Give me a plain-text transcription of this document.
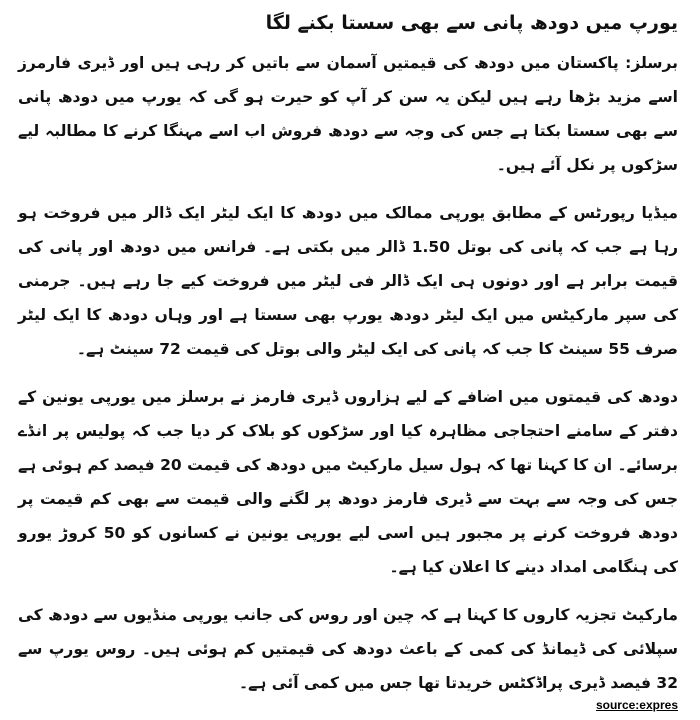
یورپ میں دودھ پانی سے بھی سستا بکنے لگا

برسلز: پاکستان میں دودھ کی قیمتیں آسمان سے باتیں کر رہی ہیں اور ڈیری فارمرز اسے مزید بڑھا رہے ہیں لیکن یہ سن کر آپ کو حیرت ہو گی کہ یورپ میں دودھ پانی سے بھی سستا بکتا ہے جس کی وجہ سے دودھ فروش اب اسے مہنگا کرنے کا مطالبہ لیے سڑکوں پر نکل آئے ہیں۔

میڈیا رپورٹس کے مطابق یورپی ممالک میں دودھ کا ایک لیٹر ایک ڈالر میں فروخت ہو رہا ہے جب کہ پانی کی بوتل 1.50 ڈالر میں بکتی ہے۔ فرانس میں دودھ اور پانی کی قیمت برابر ہے اور دونوں ہی ایک ڈالر فی لیٹر میں فروخت کیے جا رہے ہیں۔ جرمنی کی سپر مارکیٹس میں ایک لیٹر دودھ یورپ بھی سستا ہے اور وہاں دودھ کا ایک لیٹر صرف 55 سینٹ کا جب کہ پانی کی ایک لیٹر والی بوتل کی قیمت 72 سینٹ ہے۔

دودھ کی قیمتوں میں اضافے کے لیے ہزاروں ڈیری فارمز نے برسلز میں یورپی یونین کے دفتر کے سامنے احتجاجی مظاہرہ کیا اور سڑکوں کو بلاک کر دیا جب کہ پولیس پر انڈے برسائے۔ ان کا کہنا تھا کہ ہول سیل مارکیٹ میں دودھ کی قیمت 20 فیصد کم ہوئی ہے جس کی وجہ سے بہت سے ڈیری فارمز دودھ پر لگنے والی قیمت سے بھی کم قیمت پر دودھ فروخت کرنے پر مجبور ہیں اسی لیے یورپی یونین نے کسانوں کو 50 کروڑ یورو کی ہنگامی امداد دینے کا اعلان کیا ہے۔

مارکیٹ تجزیہ کاروں کا کہنا ہے کہ چین اور روس کی جانب یورپی منڈیوں سے دودھ کی سپلائی کی ڈیمانڈ کی کمی کے باعث دودھ کی قیمتیں کم ہوئی ہیں۔ روس یورپ سے 32 فیصد ڈیری پراڈکٹس خریدتا تھا جس میں کمی آئی ہے۔

source:expres
